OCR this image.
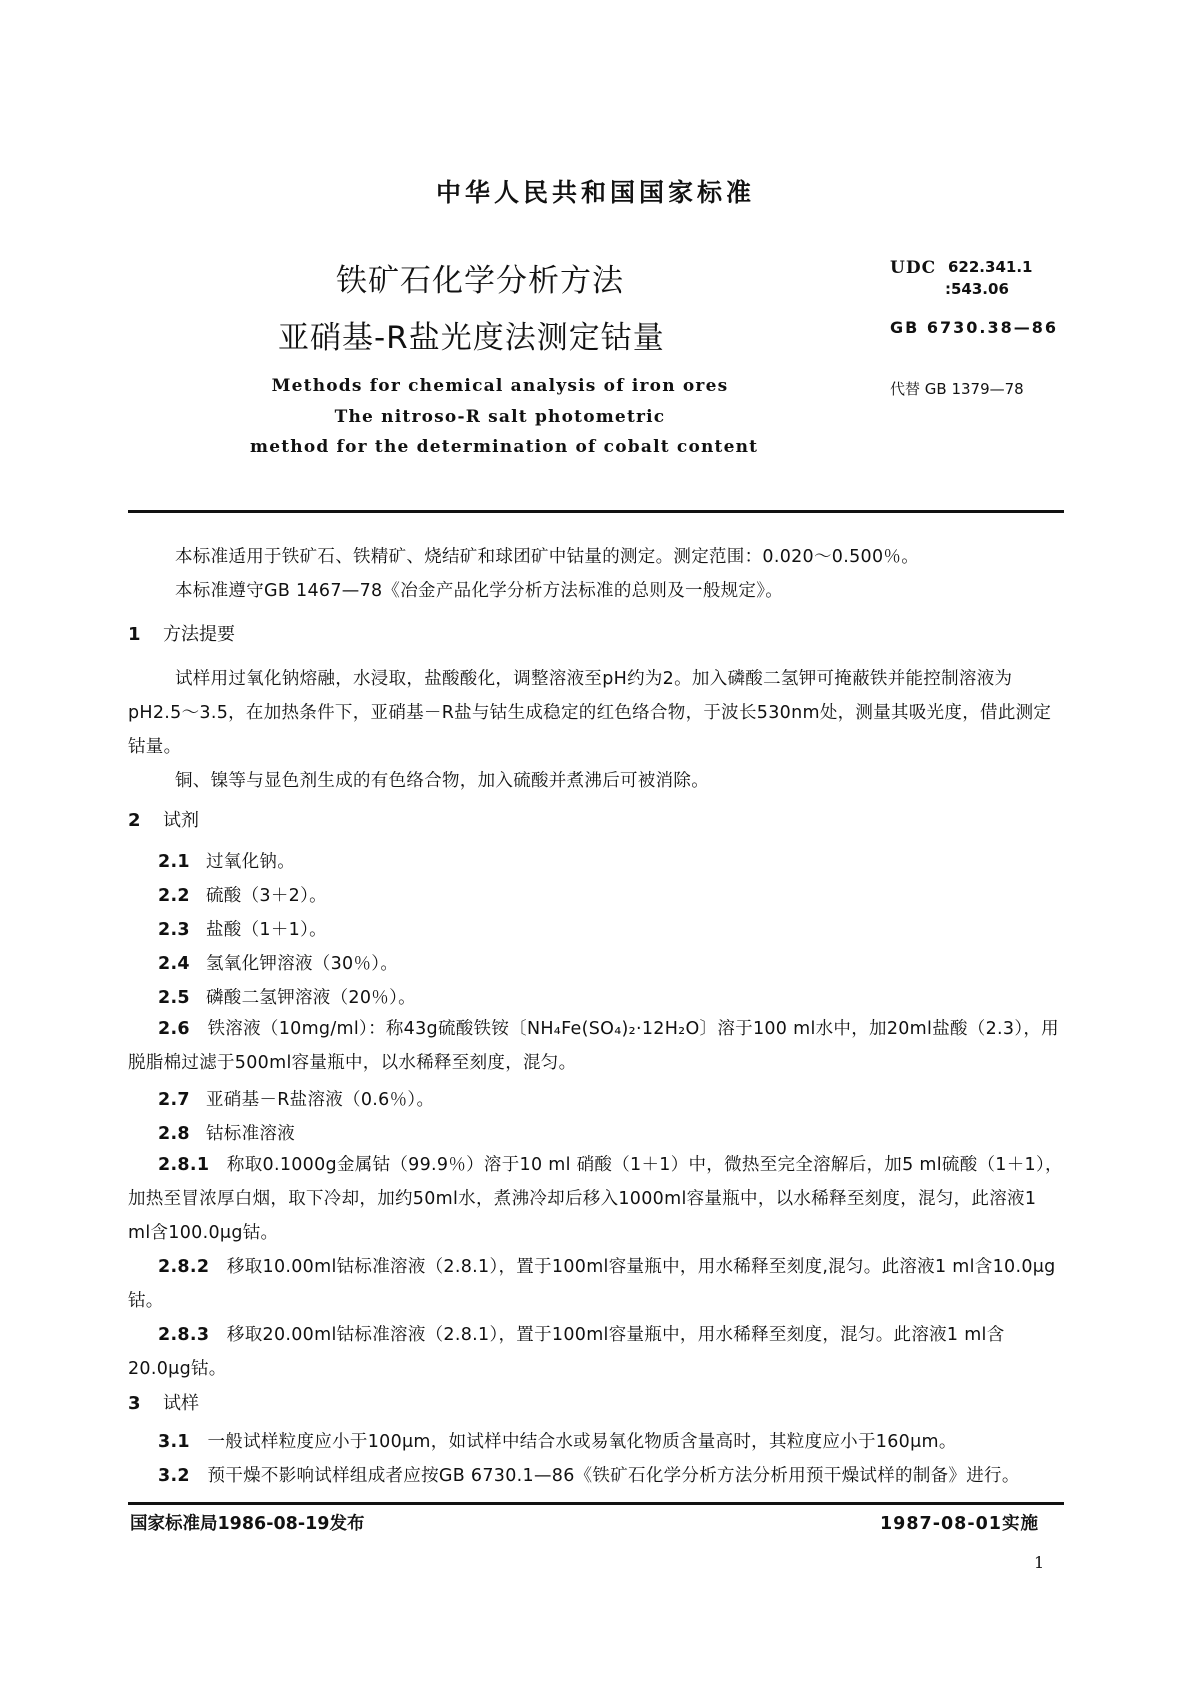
中华人民共和国国家标准
铁矿石化学分析方法
亚硝基-R盐光度法测定钴量
Methods for chemical analysis of iron ores
The nitroso-R salt photometric
method for the determination of cobalt content
UDC 622.341.1
:543.06
GB 6730.38—86
代替 GB 1379—78
本标准适用于铁矿石、铁精矿、烧结矿和球团矿中钴量的测定。测定范围：0.020～0.500％。
本标准遵守GB 1467—78《冶金产品化学分析方法标准的总则及一般规定》。
1 方法提要
试样用过氧化钠熔融，水浸取，盐酸酸化，调整溶液至pH约为2。加入磷酸二氢钾可掩蔽铁并能控制溶液为pH2.5～3.5，在加热条件下，亚硝基－R盐与钴生成稳定的红色络合物，于波长530nm处，测量其吸光度，借此测定钴量。
铜、镍等与显色剂生成的有色络合物，加入硫酸并煮沸后可被消除。
2 试剂
2.1 过氧化钠。
2.2 硫酸（3＋2）。
2.3 盐酸（1＋1）。
2.4 氢氧化钾溶液（30％）。
2.5 磷酸二氢钾溶液（20％）。
2.6 铁溶液（10mg/ml）：称43g硫酸铁铵〔NH₄Fe(SO₄)₂·12H₂O〕溶于100 ml水中，加20ml盐酸（2.3），用脱脂棉过滤于500ml容量瓶中，以水稀释至刻度，混匀。
2.7 亚硝基－R盐溶液（0.6％）。
2.8 钴标准溶液
2.8.1 称取0.1000g金属钴（99.9％）溶于10 ml 硝酸（1＋1）中，微热至完全溶解后，加5 ml硫酸（1＋1），加热至冒浓厚白烟，取下冷却，加约50ml水，煮沸冷却后移入1000ml容量瓶中，以水稀释至刻度，混匀，此溶液1 ml含100.0μg钴。
2.8.2 移取10.00ml钴标准溶液（2.8.1），置于100ml容量瓶中，用水稀释至刻度,混匀。此溶液1 ml含10.0μg钴。
2.8.3 移取20.00ml钴标准溶液（2.8.1），置于100ml容量瓶中，用水稀释至刻度，混匀。此溶液1 ml含20.0μg钴。
3 试样
3.1 一般试样粒度应小于100μm，如试样中结合水或易氧化物质含量高时，其粒度应小于160μm。
3.2 预干燥不影响试样组成者应按GB 6730.1—86《铁矿石化学分析方法分析用预干燥试样的制备》进行。
国家标准局1986-08-19发布	1987-08-01实施
1
